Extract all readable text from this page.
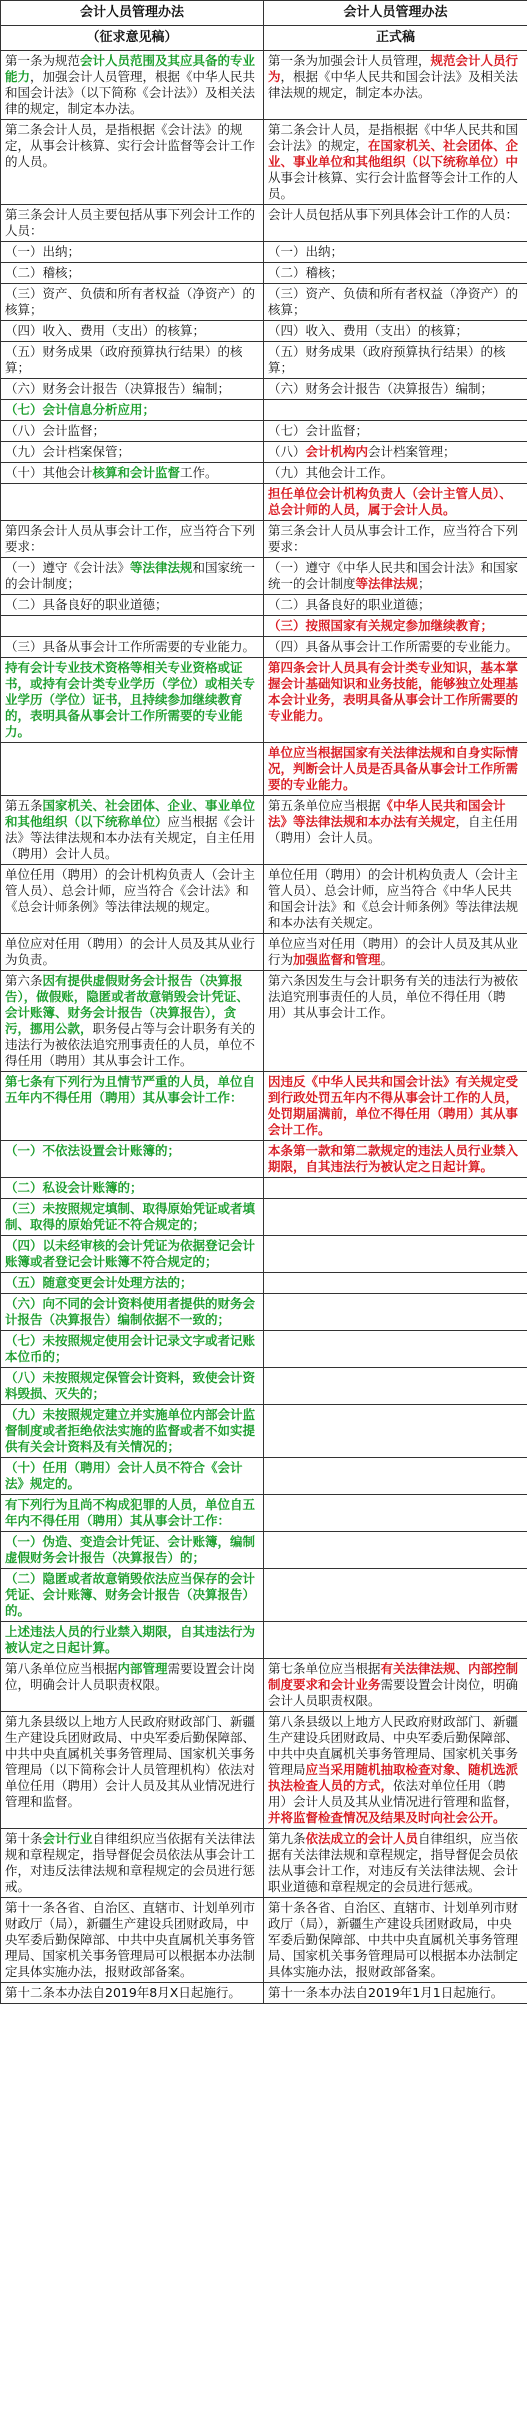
会计人员管理办法	会计人员管理办法
（征求意见稿）	正式稿
第一条为规范会计人员范围及其应具备的专业能力，加强会计人员管理，根据《中华人民共和国会计法》（以下简称《会计法》）及相关法律的规定，制定本办法。	第一条为加强会计人员管理，规范会计人员行为，根据《中华人民共和国会计法》及相关法律法规的规定，制定本办法。
第二条会计人员，是指根据《会计法》的规定，从事会计核算、实行会计监督等会计工作的人员。	第二条会计人员，是指根据《中华人民共和国会计法》的规定，在国家机关、社会团体、企业、事业单位和其他组织（以下统称单位）中从事会计核算、实行会计监督等会计工作的人员。
第三条会计人员主要包括从事下列会计工作的人员：	会计人员包括从事下列具体会计工作的人员：
（一）出纳；	（一）出纳；
（二）稽核；	（二）稽核；
（三）资产、负债和所有者权益（净资产）的核算；	（三）资产、负债和所有者权益（净资产）的核算；
（四）收入、费用（支出）的核算；	（四）收入、费用（支出）的核算；
（五）财务成果（政府预算执行结果）的核算；	（五）财务成果（政府预算执行结果）的核算；
（六）财务会计报告（决算报告）编制；	（六）财务会计报告（决算报告）编制；
（七）会计信息分析应用；	
（八）会计监督；	（七）会计监督；
（九）会计档案保管；	（八）会计机构内会计档案管理；
（十）其他会计核算和会计监督工作。	（九）其他会计工作。
	担任单位会计机构负责人（会计主管人员）、总会计师的人员，属于会计人员。
第四条会计人员从事会计工作，应当符合下列要求：	第三条会计人员从事会计工作，应当符合下列要求：
（一）遵守《会计法》等法律法规和国家统一的会计制度；	（一）遵守《中华人民共和国会计法》和国家统一的会计制度等法律法规；
（二）具备良好的职业道德；	（二）具备良好的职业道德；
	（三）按照国家有关规定参加继续教育；
（三）具备从事会计工作所需要的专业能力。	（四）具备从事会计工作所需要的专业能力。
持有会计专业技术资格等相关专业资格或证书，或持有会计类专业学历（学位）或相关专业学历（学位）证书，且持续参加继续教育的，表明具备从事会计工作所需要的专业能力。	第四条会计人员具有会计类专业知识，基本掌握会计基础知识和业务技能，能够独立处理基本会计业务，表明具备从事会计工作所需要的专业能力。
	单位应当根据国家有关法律法规和自身实际情况，判断会计人员是否具备从事会计工作所需要的专业能力。
第五条国家机关、社会团体、企业、事业单位和其他组织（以下统称单位）应当根据《会计法》等法律法规和本办法有关规定，自主任用（聘用）会计人员。	第五条单位应当根据《中华人民共和国会计法》等法律法规和本办法有关规定，自主任用（聘用）会计人员。
单位任用（聘用）的会计机构负责人（会计主管人员）、总会计师，应当符合《会计法》和《总会计师条例》等法律法规的规定。	单位任用（聘用）的会计机构负责人（会计主管人员）、总会计师，应当符合《中华人民共和国会计法》和《总会计师条例》等法律法规和本办法有关规定。
单位应对任用（聘用）的会计人员及其从业行为负责。	单位应当对任用（聘用）的会计人员及其从业行为加强监督和管理。
第六条因有提供虚假财务会计报告（决算报告），做假账，隐匿或者故意销毁会计凭证、会计账簿、财务会计报告（决算报告），贪污，挪用公款，职务侵占等与会计职务有关的违法行为被依法追究刑事责任的人员，单位不得任用（聘用）其从事会计工作。	第六条因发生与会计职务有关的违法行为被依法追究刑事责任的人员，单位不得任用（聘用）其从事会计工作。
第七条有下列行为且情节严重的人员，单位自五年内不得任用（聘用）其从事会计工作：	因违反《中华人民共和国会计法》有关规定受到行政处罚五年内不得从事会计工作的人员，处罚期届满前，单位不得任用（聘用）其从事会计工作。
（一）不依法设置会计账簿的；	本条第一款和第二款规定的违法人员行业禁入期限，自其违法行为被认定之日起计算。
（二）私设会计账簿的；	
（三）未按照规定填制、取得原始凭证或者填制、取得的原始凭证不符合规定的；	
（四）以未经审核的会计凭证为依据登记会计账簿或者登记会计账簿不符合规定的；	
（五）随意变更会计处理方法的；	
（六）向不同的会计资料使用者提供的财务会计报告（决算报告）编制依据不一致的；	
（七）未按照规定使用会计记录文字或者记账本位币的；	
（八）未按照规定保管会计资料，致使会计资料毁损、灭失的；	
（九）未按照规定建立并实施单位内部会计监督制度或者拒绝依法实施的监督或者不如实提供有关会计资料及有关情况的；	
（十）任用（聘用）会计人员不符合《会计法》规定的。	
有下列行为且尚不构成犯罪的人员，单位自五年内不得任用（聘用）其从事会计工作：	
（一）伪造、变造会计凭证、会计账簿，编制虚假财务会计报告（决算报告）的；	
（二）隐匿或者故意销毁依法应当保存的会计凭证、会计账簿、财务会计报告（决算报告）的。	
上述违法人员的行业禁入期限，自其违法行为被认定之日起计算。	
第八条单位应当根据内部管理需要设置会计岗位，明确会计人员职责权限。	第七条单位应当根据有关法律法规、内部控制制度要求和会计业务需要设置会计岗位，明确会计人员职责权限。
第九条县级以上地方人民政府财政部门、新疆生产建设兵团财政局、中央军委后勤保障部、中共中央直属机关事务管理局、国家机关事务管理局（以下简称会计人员管理机构）依法对单位任用（聘用）会计人员及其从业情况进行管理和监督。	第八条县级以上地方人民政府财政部门、新疆生产建设兵团财政局、中央军委后勤保障部、中共中央直属机关事务管理局、国家机关事务管理局应当采用随机抽取检查对象、随机选派执法检查人员的方式，依法对单位任用（聘用）会计人员及其从业情况进行管理和监督，并将监督检查情况及结果及时向社会公开。
第十条会计行业自律组织应当依据有关法律法规和章程规定，指导督促会员依法从事会计工作，对违反法律法规和章程规定的会员进行惩戒。	第九条依法成立的会计人员自律组织，应当依据有关法律法规和章程规定，指导督促会员依法从事会计工作，对违反有关法律法规、会计职业道德和章程规定的会员进行惩戒。
第十一条各省、自治区、直辖市、计划单列市财政厅（局），新疆生产建设兵团财政局，中央军委后勤保障部、中共中央直属机关事务管理局、国家机关事务管理局可以根据本办法制定具体实施办法，报财政部备案。	第十条各省、自治区、直辖市、计划单列市财政厅（局），新疆生产建设兵团财政局，中央军委后勤保障部、中共中央直属机关事务管理局、国家机关事务管理局可以根据本办法制定具体实施办法，报财政部备案。
第十二条本办法自2019年8月X日起施行。	第十一条本办法自2019年1月1日起施行。
